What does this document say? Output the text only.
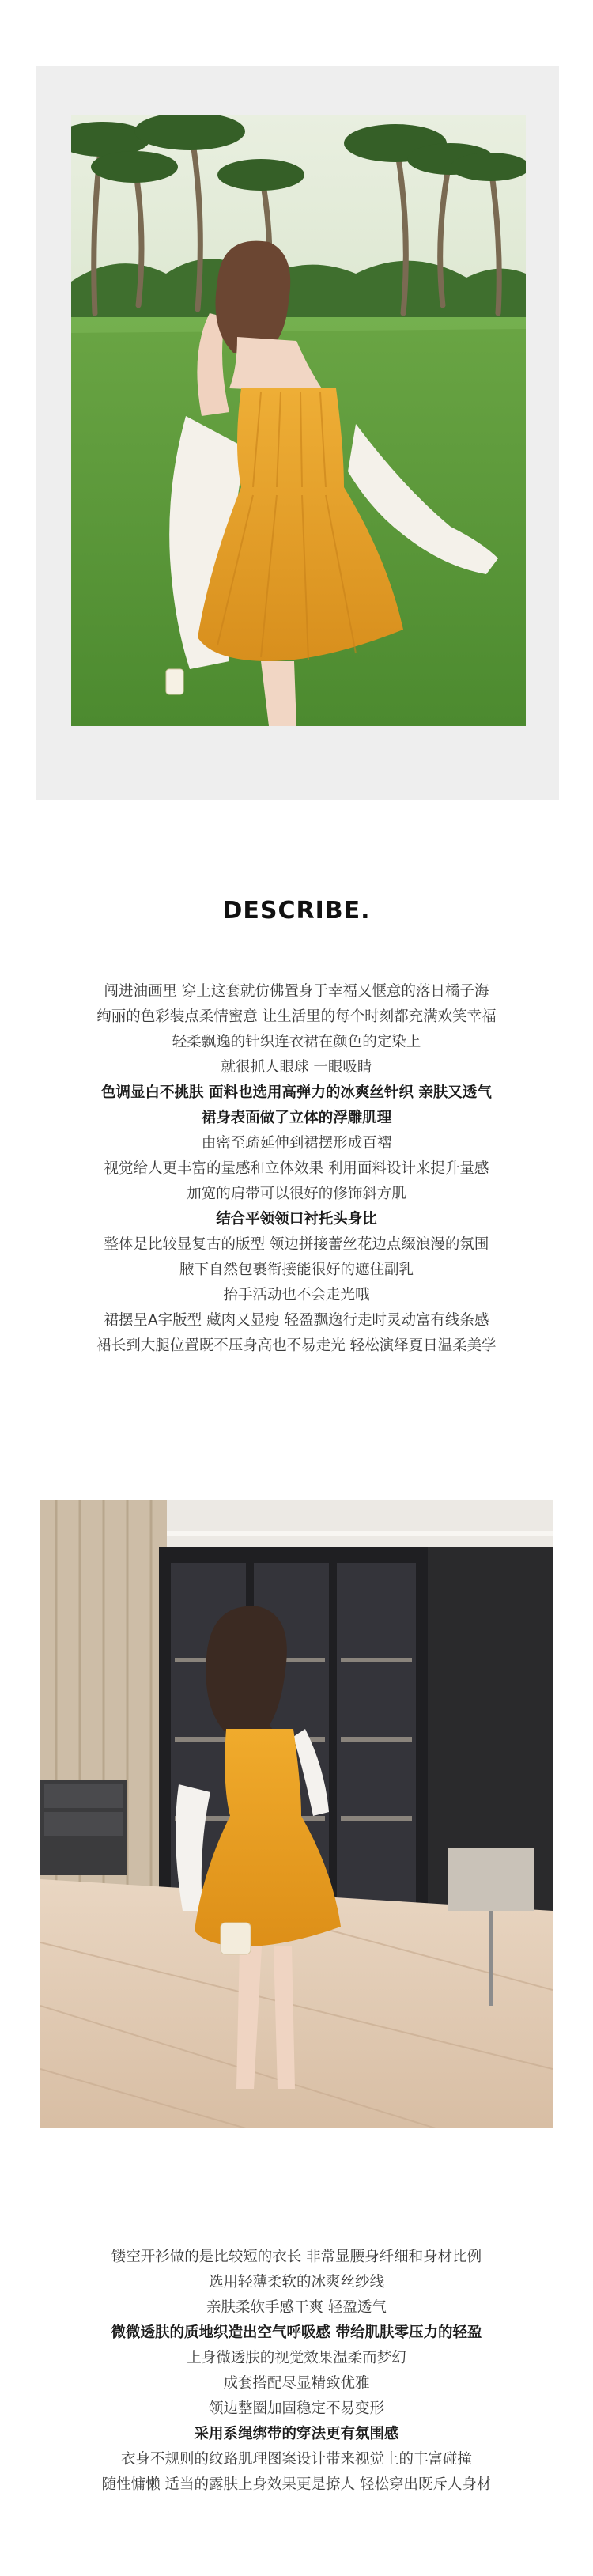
DESCRIBE.
闯进油画里 穿上这套就仿佛置身于幸福又惬意的落日橘子海
绚丽的色彩装点柔情蜜意 让生活里的每个时刻都充满欢笑幸福
轻柔飘逸的针织连衣裙在颜色的定染上
就很抓人眼球 一眼吸睛
色调显白不挑肤 面料也选用高弹力的冰爽丝针织 亲肤又透气
裙身表面做了立体的浮雕肌理
由密至疏延伸到裙摆形成百褶
视觉给人更丰富的量感和立体效果 利用面料设计来提升量感
加宽的肩带可以很好的修饰斜方肌
结合平领领口衬托头身比
整体是比较显复古的版型 领边拼接蕾丝花边点缀浪漫的氛围
腋下自然包裹衔接能很好的遮住副乳
抬手活动也不会走光哦
裙摆呈A字版型 藏肉又显瘦 轻盈飘逸行走时灵动富有线条感
裙长到大腿位置既不压身高也不易走光 轻松演绎夏日温柔美学
镂空开衫做的是比较短的衣长 非常显腰身纤细和身材比例
选用轻薄柔软的冰爽丝纱线
亲肤柔软手感干爽 轻盈透气
微微透肤的质地织造出空气呼吸感 带给肌肤零压力的轻盈
上身微透肤的视觉效果温柔而梦幻
成套搭配尽显精致优雅
领边整圈加固稳定不易变形
采用系绳绑带的穿法更有氛围感
衣身不规则的纹路肌理图案设计带来视觉上的丰富碰撞
随性慵懒 适当的露肤上身效果更是撩人 轻松穿出既斥人身材
